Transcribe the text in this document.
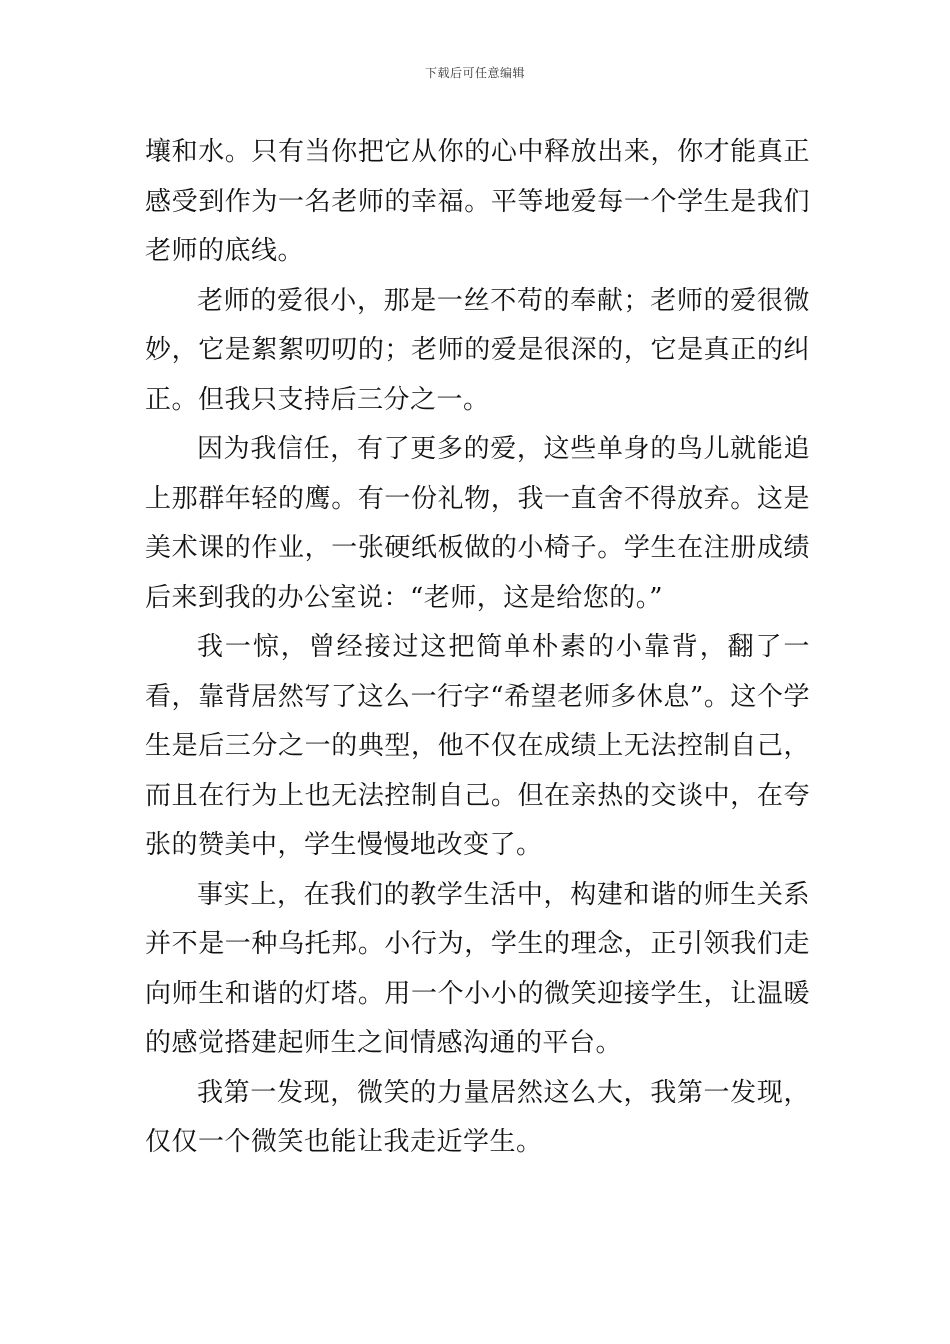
下载后可任意编辑

壤和水。只有当你把它从你的心中释放出来，你才能真正感受到作为一名老师的幸福。平等地爱每一个学生是我们老师的底线。

老师的爱很小，那是一丝不苟的奉献；老师的爱很微妙，它是絮絮叨叨的；老师的爱是很深的，它是真正的纠正。但我只支持后三分之一。

因为我信任，有了更多的爱，这些单身的鸟儿就能追上那群年轻的鹰。有一份礼物，我一直舍不得放弃。这是美术课的作业，一张硬纸板做的小椅子。学生在注册成绩后来到我的办公室说：“老师，这是给您的。”

我一惊，曾经接过这把简单朴素的小靠背，翻了一看，靠背居然写了这么一行字“希望老师多休息”。这个学生是后三分之一的典型，他不仅在成绩上无法控制自己，而且在行为上也无法控制自己。但在亲热的交谈中，在夸张的赞美中，学生慢慢地改变了。

事实上，在我们的教学生活中，构建和谐的师生关系并不是一种乌托邦。小行为，学生的理念，正引领我们走向师生和谐的灯塔。用一个小小的微笑迎接学生，让温暖的感觉搭建起师生之间情感沟通的平台。

我第一发现，微笑的力量居然这么大，我第一发现，仅仅一个微笑也能让我走近学生。
